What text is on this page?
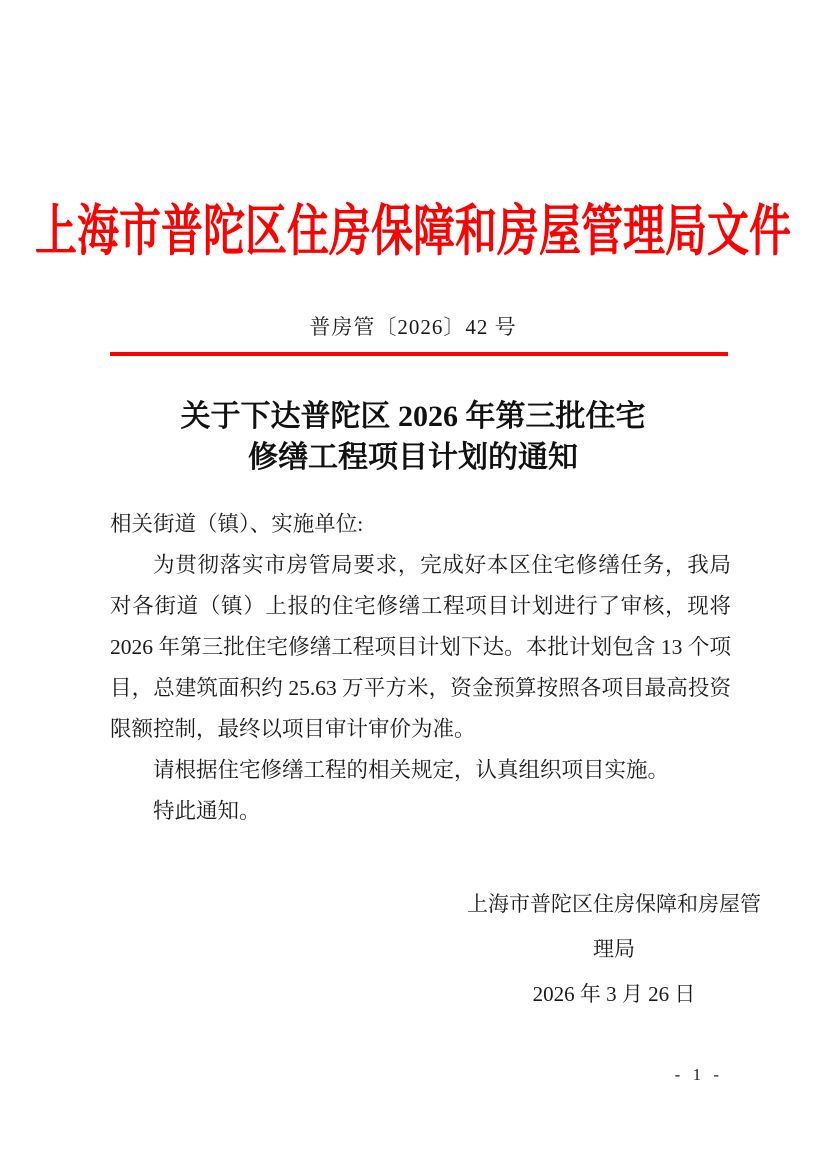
上海市普陀区住房保障和房屋管理局文件
普房管〔2026〕42 号
关于下达普陀区 2026 年第三批住宅
修缮工程项目计划的通知

相关街道（镇）、实施单位:

为贯彻落实市房管局要求，完成好本区住宅修缮任务，我局对各街道（镇）上报的住宅修缮工程项目计划进行了审核，现将 2026 年第三批住宅修缮工程项目计划下达。本批计划包含 13 个项目，总建筑面积约 25.63 万平方米，资金预算按照各项目最高投资限额控制，最终以项目审计审价为准。

请根据住宅修缮工程的相关规定，认真组织项目实施。

特此通知。

上海市普陀区住房保障和房屋管理局
2026 年 3 月 26 日
- 1 -
